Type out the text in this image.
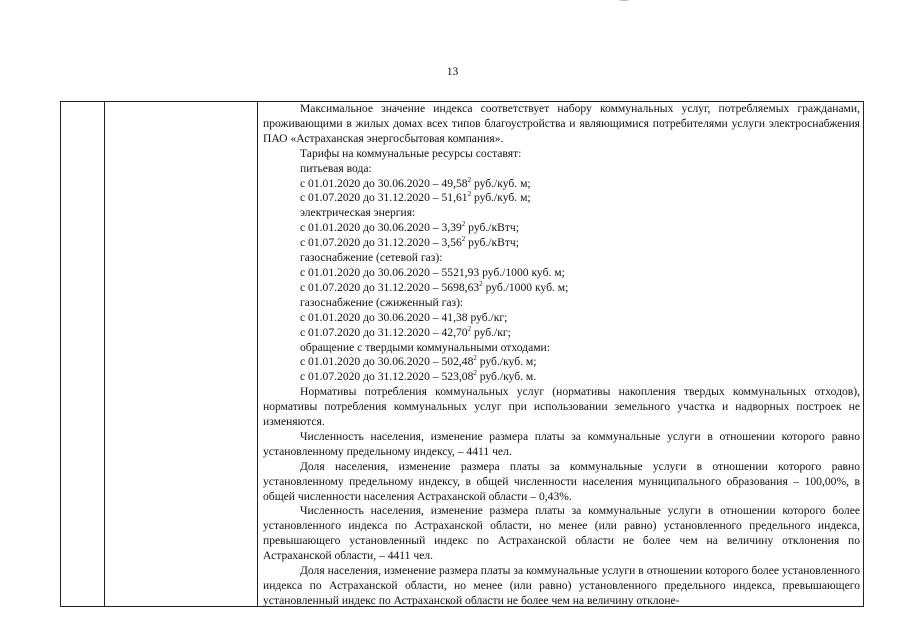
13

Максимальное значение индекса соответствует набору коммунальных услуг, потребляемых гражданами, проживающими в жилых домах всех типов благоустройства и являющимися потребителями услуги электроснабжения ПАО «Астраханская энергосбытовая компания».

Тарифы на коммунальные ресурсы составят:

питьевая вода:

с 01.01.2020 до 30.06.2020 – 49,58$^2$ руб./куб. м;

с 01.07.2020 до 31.12.2020 – 51,61$^2$ руб./куб. м;

электрическая энергия:

с 01.01.2020 до 30.06.2020 – 3,39$^2$ руб./кВтч;

с 01.07.2020 до 31.12.2020 – 3,56$^2$ руб./кВтч;

газоснабжение (сетевой газ):

с 01.01.2020 до 30.06.2020 – 5521,93 руб./1000 куб. м;

с 01.07.2020 до 31.12.2020 – 5698,63$^2$ руб./1000 куб. м;

газоснабжение (сжиженный газ):

с 01.01.2020 до 30.06.2020 – 41,38 руб./кг;

с 01.07.2020 до 31.12.2020 – 42,70$^2$ руб./кг;

обращение с твердыми коммунальными отходами:

с 01.01.2020 до 30.06.2020 – 502,48$^2$ руб./куб. м;

с 01.07.2020 до 31.12.2020 – 523,08$^2$ руб./куб. м.

Нормативы потребления коммунальных услуг (нормативы накопления твердых коммунальных отходов), нормативы потребления коммунальных услуг при использовании земельного участка и надворных построек не изменяются.

Численность населения, изменение размера платы за коммунальные услуги в отношении которого равно установленному предельному индексу, – 4411 чел.

Доля населения, изменение размера платы за коммунальные услуги в отношении которого равно установленному предельному индексу, в общей численности населения муниципального образования – 100,00%, в общей численности населения Астраханской области – 0,43%.

Численность населения, изменение размера платы за коммунальные услуги в отношении которого более установленного индекса по Астраханской области, но менее (или равно) установленного предельного индекса, превышающего установленный индекс по Астраханской области не более чем на величину отклонения по Астраханской области, – 4411 чел.

Доля населения, изменение размера платы за коммунальные услуги в отношении которого более установленного индекса по Астраханской области, но менее (или равно) установленного предельного индекса, превышающего установленный индекс по Астраханской области не более чем на величину отклоне-
